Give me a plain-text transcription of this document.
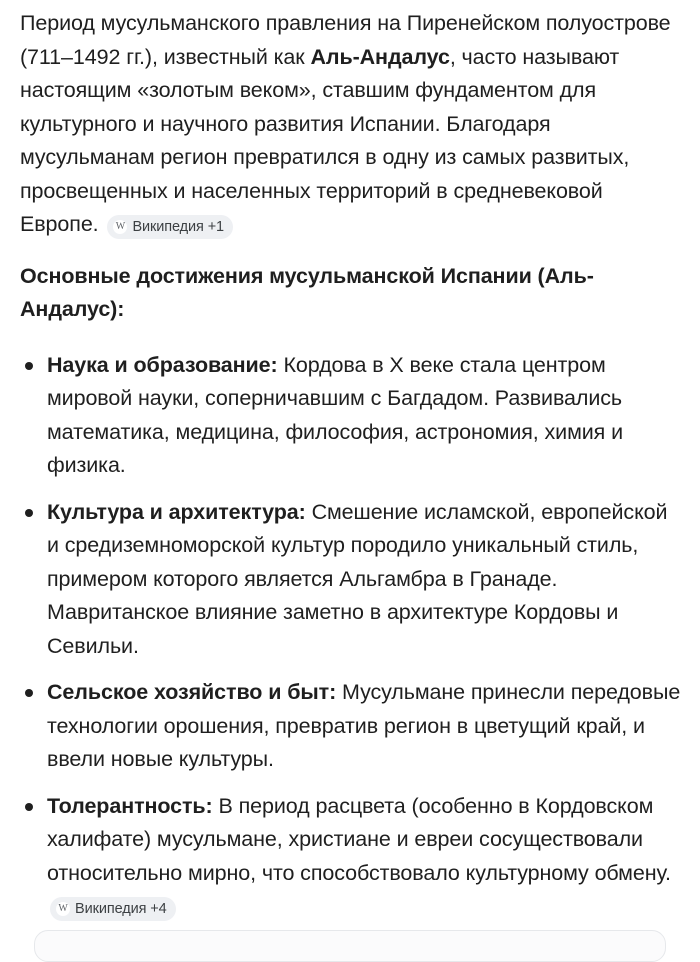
Период мусульманского правления на Пиренейском полуострове (711–1492 гг.), известный как Аль-Андалус, часто называют настоящим «золотым веком», ставшим фундаментом для культурного и научного развития Испании. Благодаря мусульманам регион превратился в одну из самых развитых, просвещенных и населенных территорий в средневековой Европе. W Википедия +1

Основные достижения мусульманской Испании (Аль-Андалус):
Наука и образование: Кордова в X веке стала центром мировой науки, соперничавшим с Багдадом. Развивались математика, медицина, философия, астрономия, химия и физика.
Культура и архитектура: Смешение исламской, европейской и средиземноморской культур породило уникальный стиль, примером которого является Альгамбра в Гранаде. Мавританское влияние заметно в архитектуре Кордовы и Севильи.
Сельское хозяйство и быт: Мусульмане принесли передовые технологии орошения, превратив регион в цветущий край, и ввели новые культуры.
Толерантность: В период расцвета (особенно в Кордовском халифате) мусульмане, христиане и евреи сосуществовали относительно мирно, что способствовало культурному обмену.
W Википедия +4
